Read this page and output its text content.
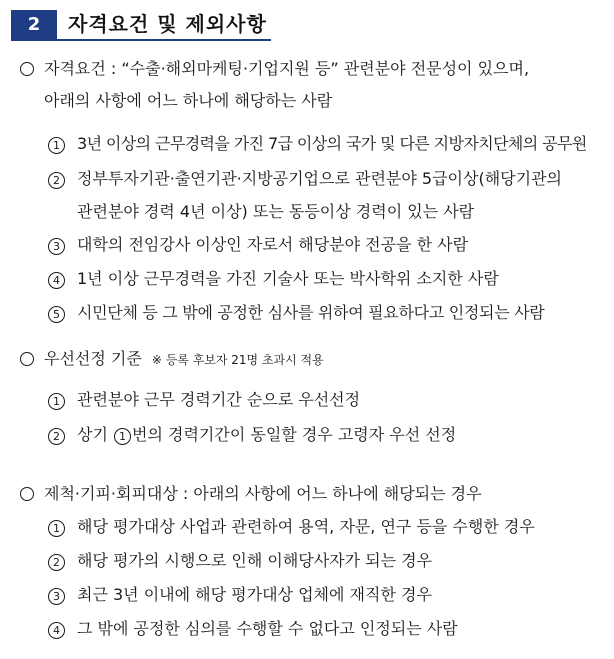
2	자격요건 및 제외사항
자격요건 : “수출·해외마케팅·기업지원 등” 관련분야 전문성이 있으며,
아래의 사항에 어느 하나에 해당하는 사람
1 3년 이상의 근무경력을 가진 7급 이상의 국가 및 다른 지방자치단체의 공무원
2 정부투자기관·출연기관·지방공기업으로 관련분야 5급이상(해당기관의
관련분야 경력 4년 이상) 또는 동등이상 경력이 있는 사람
3 대학의 전임강사 이상인 자로서 해당분야 전공을 한 사람
4 1년 이상 근무경력을 가진 기술사 또는 박사학위 소지한 사람
5 시민단체 등 그 밖에 공정한 심사를 위하여 필요하다고 인정되는 사람
우선선정 기준 ※ 등록 후보자 21명 초과시 적용
1 관련분야 근무 경력기간 순으로 우선선정
2 상기 1 번의 경력기간이 동일할 경우 고령자 우선 선정
제척·기피·회피대상 : 아래의 사항에 어느 하나에 해당되는 경우
1 해당 평가대상 사업과 관련하여 용역, 자문, 연구 등을 수행한 경우
2 해당 평가의 시행으로 인해 이해당사자가 되는 경우
3 최근 3년 이내에 해당 평가대상 업체에 재직한 경우
4 그 밖에 공정한 심의를 수행할 수 없다고 인정되는 사람
